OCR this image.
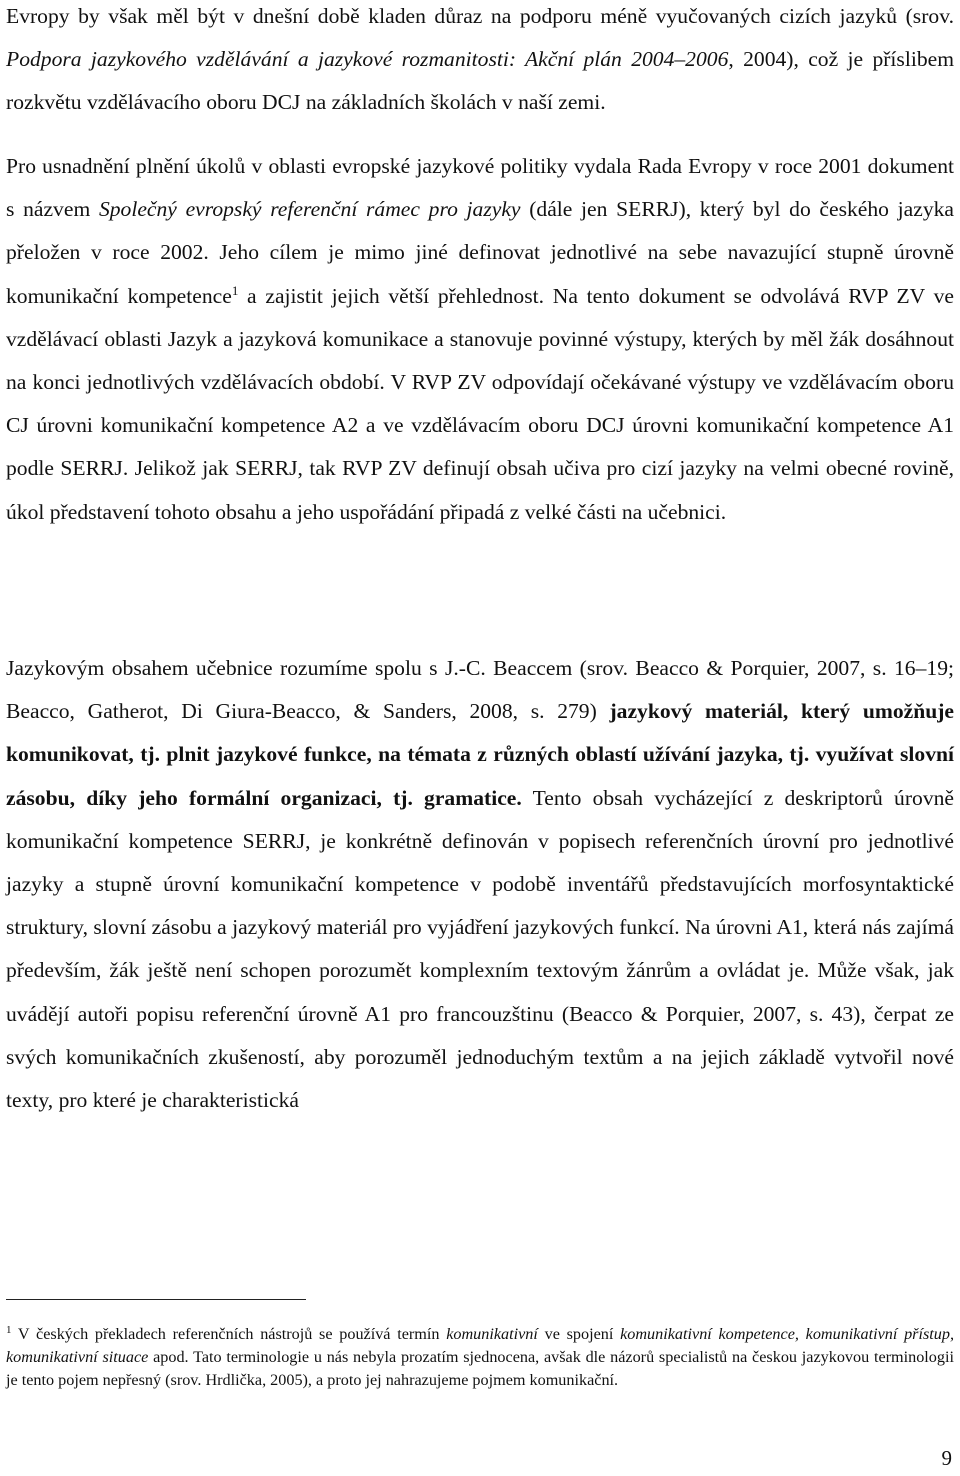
Evropy by však měl být v dnešní době kladen důraz na podporu méně vyučovaných cizích jazyků (srov. Podpora jazykového vzdělávání a jazykové rozmanitosti: Akční plán 2004–2006, 2004), což je příslibem rozkvětu vzdělávacího oboru DCJ na základních školách v naší zemi.

Pro usnadnění plnění úkolů v oblasti evropské jazykové politiky vydala Rada Evropy v roce 2001 dokument s názvem Společný evropský referenční rámec pro jazyky (dále jen SERRJ), který byl do českého jazyka přeložen v roce 2002. Jeho cílem je mimo jiné definovat jednotlivé na sebe navazující stupně úrovně komunikační kompetence$^1$ a zajistit jejich větší přehlednost. Na tento dokument se odvolává RVP ZV ve vzdělávací oblasti Jazyk a jazyková komunikace a stanovuje povinné výstupy, kterých by měl žák dosáhnout na konci jednotlivých vzdělávacích období. V RVP ZV odpovídají očekávané výstupy ve vzdělávacím oboru CJ úrovni komunikační kompetence A2 a ve vzdělávacím oboru DCJ úrovni komunikační kompetence A1 podle SERRJ. Jelikož jak SERRJ, tak RVP ZV definují obsah učiva pro cizí jazyky na velmi obecné rovině, úkol představení tohoto obsahu a jeho uspořádání připadá z velké části na učebnici.

Jazykovým obsahem učebnice rozumíme spolu s J.-C. Beaccem (srov. Beacco & Porquier, 2007, s. 16–19; Beacco, Gatherot, Di Giura-Beacco, & Sanders, 2008, s. 279) jazykový materiál, který umožňuje komunikovat, tj. plnit jazykové funkce, na témata z různých oblastí užívání jazyka, tj. využívat slovní zásobu, díky jeho formální organizaci, tj. gramatice. Tento obsah vycházející z deskriptorů úrovně komunikační kompetence SERRJ, je konkrétně definován v popisech referenčních úrovní pro jednotlivé jazyky a stupně úrovní komunikační kompetence v podobě inventářů představujících morfosyntaktické struktury, slovní zásobu a jazykový materiál pro vyjádření jazykových funkcí. Na úrovni A1, která nás zajímá především, žák ještě není schopen porozumět komplexním textovým žánrům a ovládat je. Může však, jak uvádějí autoři popisu referenční úrovně A1 pro francouzštinu (Beacco & Porquier, 2007, s. 43), čerpat ze svých komunikačních zkušeností, aby porozuměl jednoduchým textům a na jejich základě vytvořil nové texty, pro které je charakteristická

$^1$ V českých překladech referenčních nástrojů se používá termín komunikativní ve spojení komunikativní kompetence, komunikativní přístup, komunikativní situace apod. Tato terminologie u nás nebyla prozatím sjednocena, avšak dle názorů specialistů na českou jazykovou terminologii je tento pojem nepřesný (srov. Hrdlička, 2005), a proto jej nahrazujeme pojmem komunikační.

9
